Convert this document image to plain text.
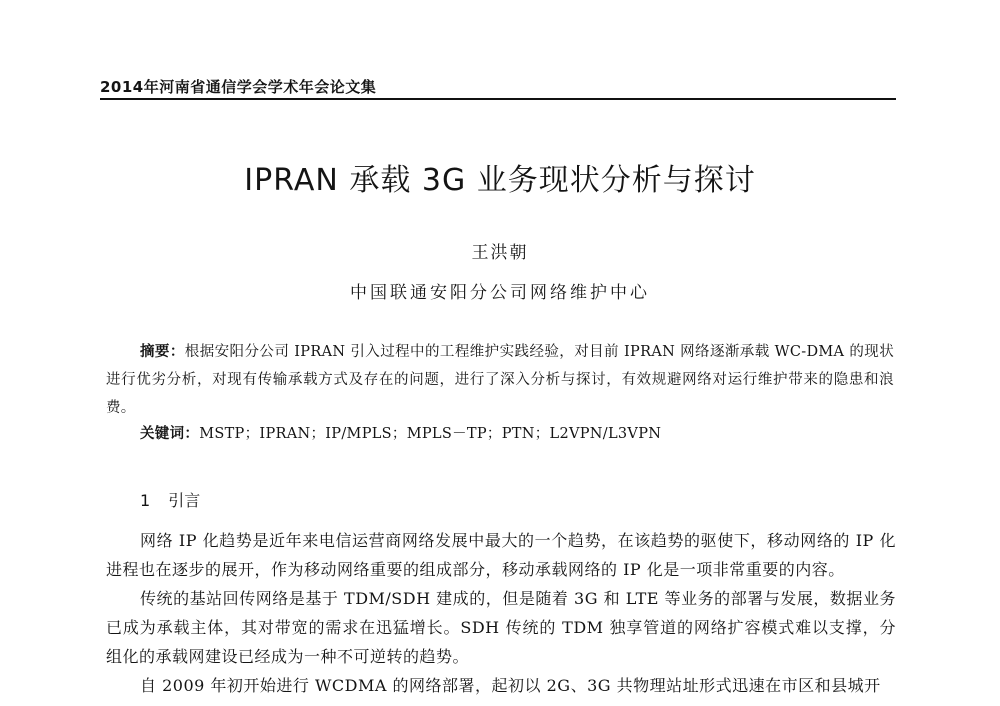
2014年河南省通信学会学术年会论文集
IPRAN 承载 3G 业务现状分析与探讨
王洪朝
中国联通安阳分公司网络维护中心
摘要：根据安阳分公司 IPRAN 引入过程中的工程维护实践经验，对目前 IPRAN 网络逐渐承载 WC-DMA 的现状进行优劣分析，对现有传输承载方式及存在的问题，进行了深入分析与探讨，有效规避网络对运行维护带来的隐患和浪费。
关键词：MSTP；IPRAN；IP/MPLS；MPLS－TP；PTN；L2VPN/L3VPN
1 引言

网络 IP 化趋势是近年来电信运营商网络发展中最大的一个趋势，在该趋势的驱使下，移动网络的 IP 化进程也在逐步的展开，作为移动网络重要的组成部分，移动承载网络的 IP 化是一项非常重要的内容。

传统的基站回传网络是基于 TDM/SDH 建成的，但是随着 3G 和 LTE 等业务的部署与发展，数据业务已成为承载主体，其对带宽的需求在迅猛增长。SDH 传统的 TDM 独享管道的网络扩容模式难以支撑，分组化的承载网建设已经成为一种不可逆转的趋势。

自 2009 年初开始进行 WCDMA 的网络部署，起初以 2G、3G 共物理站址形式迅速在市区和县城开
